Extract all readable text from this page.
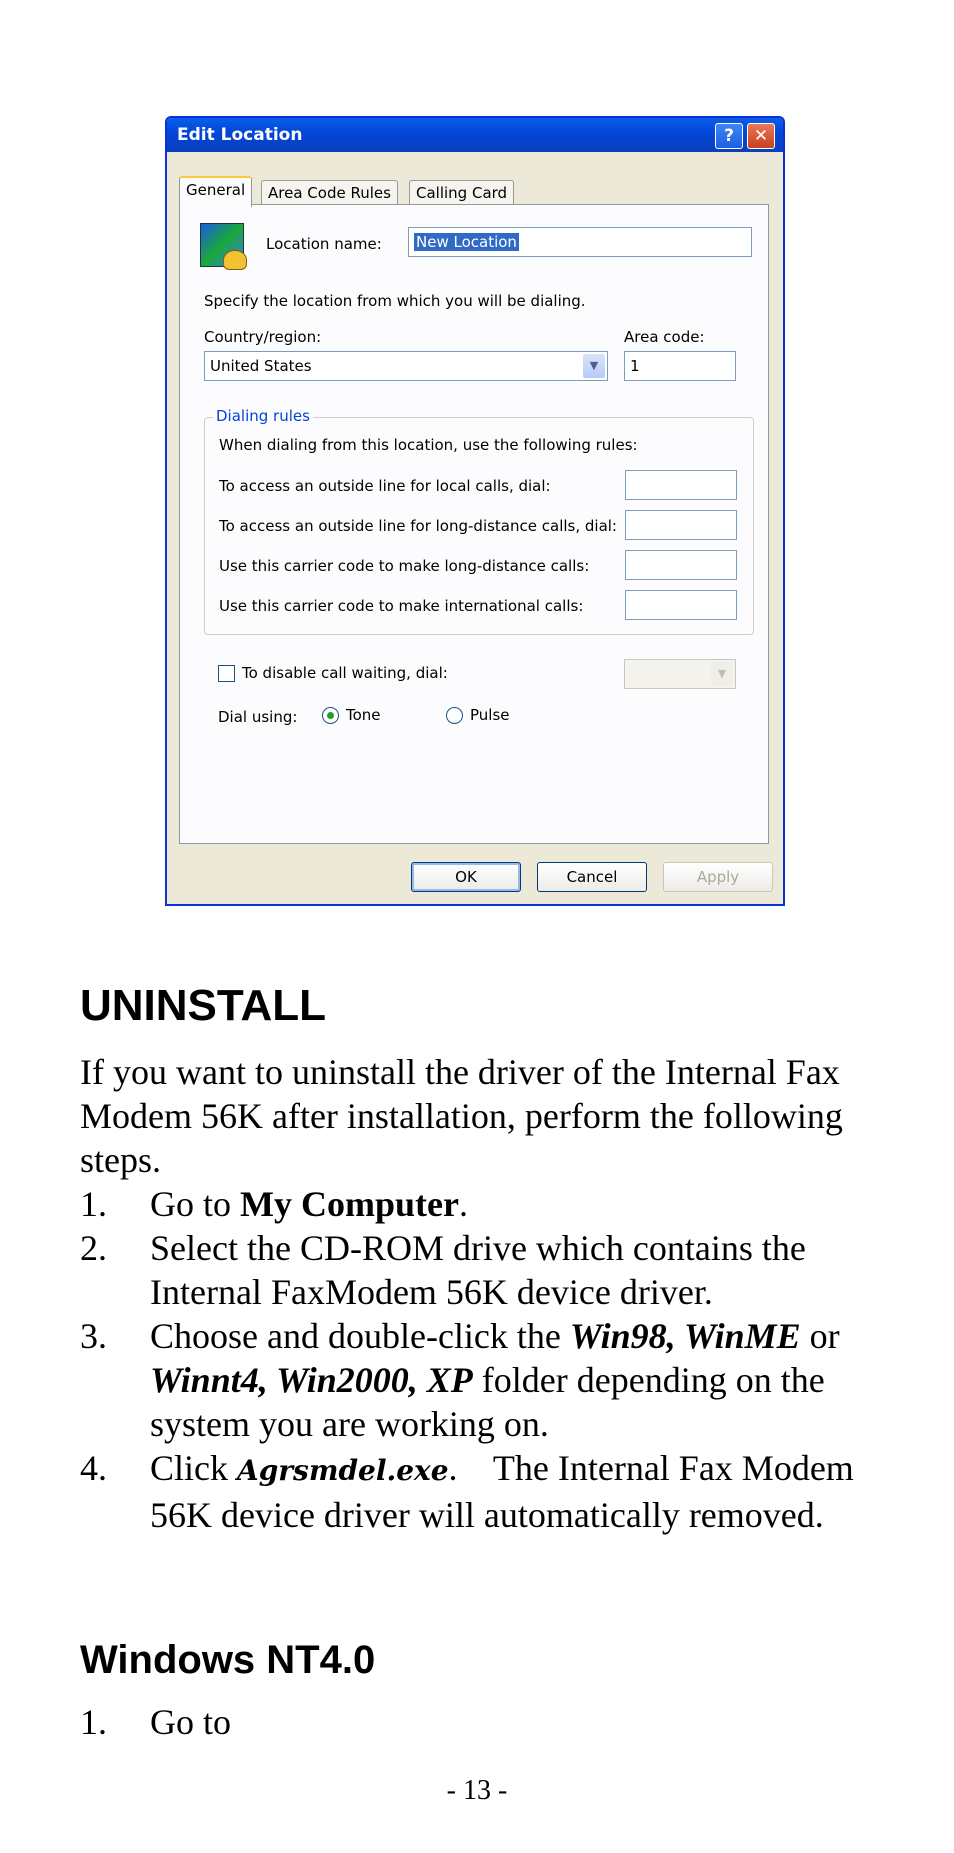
Edit Location	?	✕
General	Area Code Rules	Calling Card
Location name:	New Location
Specify the location from which you will be dialing.
Country/region:
United States	▼
Area code:
1
Dialing rules
When dialing from this location, use the following rules:
To access an outside line for local calls, dial:
To access an outside line for long-distance calls, dial:
Use this carrier code to make long-distance calls:
Use this carrier code to make international calls:
To disable call waiting, dial:	▼
Dial using:	Tone	Pulse
OK	Cancel	Apply
UNINSTALL
If you want to uninstall the driver of the Internal Fax Modem 56K after installation, perform the following steps.
1. Go to My Computer.
2. Select the CD-ROM drive which contains the Internal FaxModem 56K device driver.
3. Choose and double-click the Win98, WinME or Winnt4, Win2000, XP folder depending on the system you are working on.
4. Click Agrsmdel.exe.    The Internal Fax Modem 56K device driver will automatically removed.
Windows NT4.0
1. Go to
- 13 -
